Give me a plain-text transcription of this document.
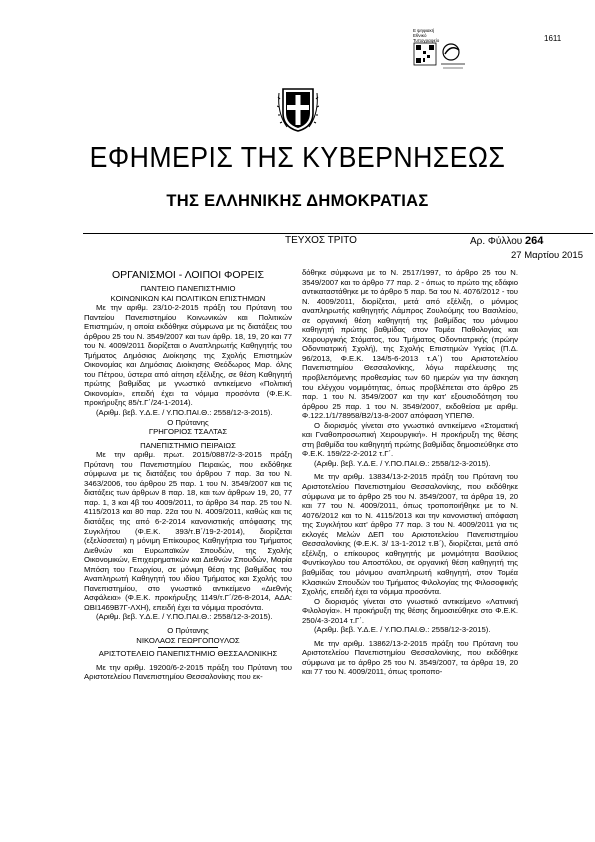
1611
Ε ψηφιακή
Εθνικό
Τυπογραφείο
ΕΦΗΜΕΡΙΣ ΤΗΣ ΚΥΒΕΡΝΗΣΕΩΣ
ΤΗΣ ΕΛΛΗΝΙΚΗΣ ΔΗΜΟΚΡΑΤΙΑΣ
ΤΕΥΧΟΣ ΤΡΙΤΟ	Αρ. Φύλλου 264
27 Μαρτίου 2015
ΟΡΓΑΝΙΣΜΟΙ - ΛΟΙΠΟΙ ΦΟΡΕΙΣ
ΠΑΝΤΕΙΟ ΠΑΝΕΠΙΣΤΗΜΙΟ
ΚΟΙΝΩΝΙΚΩΝ ΚΑΙ ΠΟΛΙΤΙΚΩΝ ΕΠΙΣΤΗΜΩΝ

Με την αριθμ. 23/10-2-2015 πράξη του Πρύτανη του Παντείου Πανεπιστημίου Κοινωνικών και Πολιτικών Επιστημών, η οποία εκδόθηκε σύμφωνα με τις διατάξεις του άρθρου 25 του Ν. 3549/2007 και των άρθρ. 18, 19, 20 και 77 του Ν. 4009/2011 διορίζεται ο Αναπληρωτής Καθηγητής του Τμήματος Δημόσιας Διοίκησης της Σχολής Επιστημών Οικονομίας και Δημόσιας Διοίκησης Θεόδωρος Μαρ. όλης του Πέτρου, ύστερα από αίτηση εξέλιξης, σε θέση Καθηγητή πρώτης βαθμίδας με γνωστικό αντικείμενο «Πολιτική Οικονομία», επειδή έχει τα νόμιμα προσόντα (Φ.Ε.Κ. προκήρυξης 85/τ.Γ΄/24-1-2014).

(Αριθμ. βεβ. Υ.Δ.Ε. / Υ.ΠΟ.ΠΑΙ.Θ.: 2558/12-3-2015).

Ο Πρύτανης
ΓΡΗΓΟΡΙΟΣ ΤΣΑΛΤΑΣ
ΠΑΝΕΠΙΣΤΗΜΙΟ ΠΕΙΡΑΙΩΣ

Με την αριθμ. πρωτ. 2015/0887/2-3-2015 πράξη Πρύτανη του Πανεπιστημίου Πειραιώς, που εκδόθηκε σύμφωνα με τις διατάξεις του άρθρου 7 παρ. 3α του Ν. 3463/2006, του άρθρου 25 παρ. 1 του Ν. 3549/2007 και τις διατάξεις των άρθρων 8 παρ. 18, και των άρθρων 19, 20, 77 παρ. 1, 3 και 4β του 4009/2011, το άρθρο 34 παρ. 25 του Ν. 4115/2013 και 80 παρ. 22α του Ν. 4009/2011, καθώς και τις διατάξεις της από 6-2-2014 κανονιστικής απόφασης της Συγκλήτου (Φ.Ε.Κ. 393/τ.Β΄/19-2-2014), διορίζεται (εξελίσσεται) η μόνιμη Επίκουρος Καθηγήτρια του Τμήματος Διεθνών και Ευρωπαϊκών Σπουδών, της Σχολής Οικονομικών, Επιχειρηματικών και Διεθνών Σπουδών, Μαρία Μπόση του Γεωργίου, σε μόνιμη θέση της βαθμίδας του Αναπληρωτή Καθηγητή του ιδίου Τμήματος και Σχολής του Πανεπιστημίου, στο γνωστικό αντικείμενο «Διεθνής Ασφάλεια» (Φ.Ε.Κ. προκήρυξης 1149/τ.Γ΄/26-8-2014, ΑΔΑ: ΩΒΙ1469Β7Γ-ΛΧΗ), επειδή έχει τα νόμιμα προσόντα.

(Αριθμ. βεβ. Υ.Δ.Ε. / Υ.ΠΟ.ΠΑΙ.Θ.: 2558/12-3-2015).

Ο Πρύτανης
ΝΙΚΟΛΑΟΣ ΓΕΩΡΓΟΠΟΥΛΟΣ
ΑΡΙΣΤΟΤΕΛΕΙΟ ΠΑΝΕΠΙΣΤΗΜΙΟ ΘΕΣΣΑΛΟΝΙΚΗΣ

Με την αριθμ. 19200/6-2-2015 πράξη του Πρύτανη του Αριστοτελείου Πανεπιστημίου Θεσσαλονίκης που εκ-

δόθηκε σύμφωνα με το Ν. 2517/1997, το άρθρο 25 του Ν. 3549/2007 και το άρθρο 77 παρ. 2 - όπως το πρώτο της εδάφιο αντικαταστάθηκε με το άρθρο 5 παρ. 5α του Ν. 4076/2012 - του Ν. 4009/2011, διορίζεται, μετά από εξέλιξη, ο μόνιμος αναπληρωτής καθηγητής Λάμπρος Ζουλούμης του Βασιλείου, σε οργανική θέση καθηγητή της βαθμίδας του μόνιμου καθηγητή πρώτης βαθμίδας στον Τομέα Παθολογίας και Χειρουργικής Στόματος, του Τμήματος Οδοντιατρικής (πρώην Οδοντιατρική Σχολή), της Σχολής Επιστημών Υγείας (Π.Δ. 96/2013, Φ.Ε.Κ. 134/5-6-2013 τ.Α΄) του Αριστοτελείου Πανεπιστημίου Θεσσαλονίκης, λόγω παρέλευσης της προβλεπόμενης προθεσμίας των 60 ημερών για την άσκηση του ελέγχου νομιμότητας, όπως προβλέπεται στο άρθρο 25 παρ. 1 του Ν. 3549/2007 και την κατ' εξουσιοδότηση του άρθρου 25 παρ. 1 του Ν. 3549/2007, εκδοθείσα με αριθμ. Φ.122.1/1/78958/Β2/13-8-2007 απόφαση ΥΠΕΠΘ.

Ο διορισμός γίνεται στο γνωστικό αντικείμενο «Στοματική και Γναθοπροσωπική Χειρουργική». Η προκήρυξη της θέσης στη βαθμίδα του καθηγητή πρώτης βαθμίδας δημοσιεύθηκε στο Φ.Ε.Κ. 159/22-2-2012 τ.Γ΄.

(Αριθμ. βεβ. Υ.Δ.Ε. / Υ.ΠΟ.ΠΑΙ.Θ.: 2558/12-3-2015).

Με την αριθμ. 13834/13-2-2015 πράξη του Πρύτανη του Αριστοτελείου Πανεπιστημίου Θεσσαλονίκης, που εκδόθηκε σύμφωνα με το άρθρο 25 του Ν. 3549/2007, τα άρθρα 19, 20 και 77 του Ν. 4009/2011, όπως τροποποιήθηκε με το Ν. 4076/2012 και το Ν. 4115/2013 και την κανονιστική απόφαση της Συγκλήτου κατ' άρθρο 77 παρ. 3 του Ν. 4009/2011 για τις εκλογές Μελών ΔΕΠ του Αριστοτελείου Πανεπιστημίου Θεσσαλονίκης (Φ.Ε.Κ. 3/ 13-1-2012 τ.Β΄), διορίζεται, μετά από εξέλιξη, ο επίκουρος καθηγητής με μονιμότητα Βασίλειος Φυντίκογλου του Αποστόλου, σε οργανική θέση καθηγητή της βαθμίδας του μόνιμου αναπληρωτή καθηγητή, στον Τομέα Κλασικών Σπουδών του Τμήματος Φιλολογίας της Φιλοσοφικής Σχολής, επειδή έχει τα νόμιμα προσόντα.

Ο διορισμός γίνεται στο γνωστικό αντικείμενο «Λατινική Φιλολογία». Η προκήρυξη της θέσης δημοσιεύθηκε στο Φ.Ε.Κ. 250/4-3-2014 τ.Γ΄.

(Αριθμ. βεβ. Υ.Δ.Ε. / Υ.ΠΟ.ΠΑΙ.Θ.: 2558/12-3-2015).

Με την αριθμ. 13862/13-2-2015 πράξη του Πρύτανη του Αριστοτελείου Πανεπιστημίου Θεσσαλονίκης, που εκδόθηκε σύμφωνα με το άρθρο 25 του Ν. 3549/2007, τα άρθρα 19, 20 και 77 του Ν. 4009/2011, όπως τροποπο-
